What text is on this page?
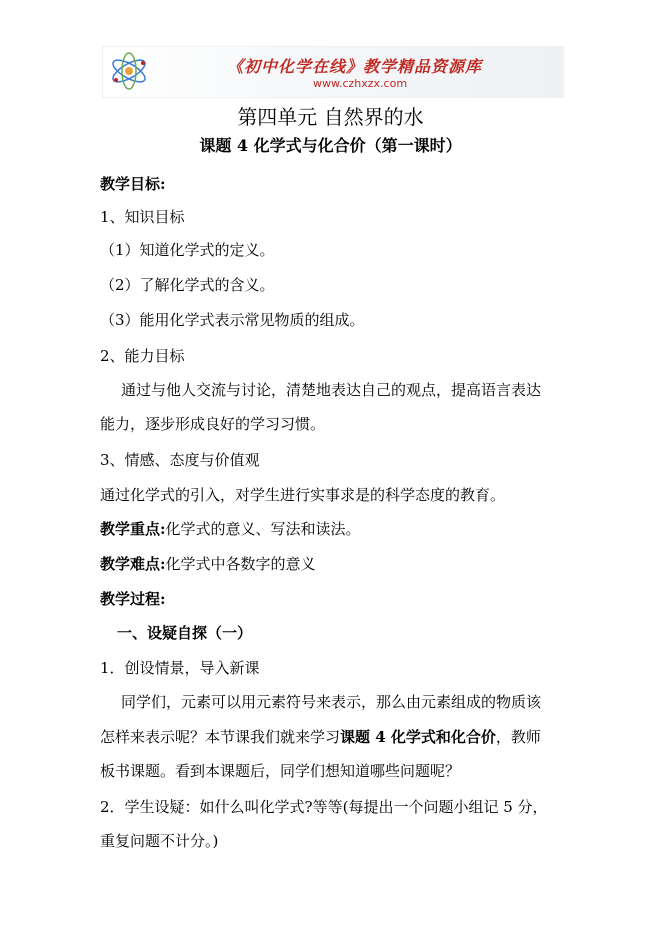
《初中化学在线》教学精品资源库
www.czhxzx.com
第四单元 自然界的水
课题 4 化学式与化合价（第一课时）
教学目标:
1、知识目标
（1）知道化学式的定义。
（2）了解化学式的含义。
（3）能用化学式表示常见物质的组成。
2、能力目标
通过与他人交流与讨论，清楚地表达自己的观点，提高语言表达
能力，逐步形成良好的学习习惯。
3、情感、态度与价值观
通过化学式的引入，对学生进行实事求是的科学态度的教育。
教学重点:化学式的意义、写法和读法。
教学难点:化学式中各数字的意义
教学过程:
一、设疑自探（一）
1．创设情景，导入新课
同学们，元素可以用元素符号来表示，那么由元素组成的物质该
怎样来表示呢？本节课我们就来学习课题 4 化学式和化合价，教师
板书课题。看到本课题后，同学们想知道哪些问题呢？
2．学生设疑：如什么叫化学式?等等(每提出一个问题小组记 5 分，
重复问题不计分。)
